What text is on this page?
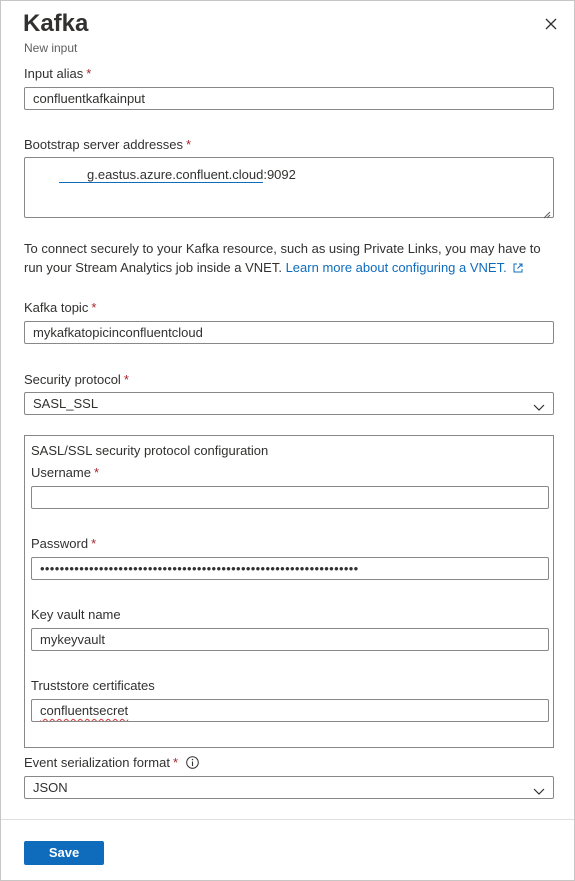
Kafka
New input
Input alias *
confluentkafkainput
Bootstrap server addresses *
g.eastus.azure.confluent.cloud:9092
To connect securely to your Kafka resource, such as using Private Links, you may have to run your Stream Analytics job inside a VNET. Learn more about configuring a VNET.
Kafka topic *
mykafkatopicinconfluentcloud
Security protocol *
SASL_SSL
SASL/SSL security protocol configuration
Username *
Password *
•••••••••••••••••••••••••••••••••••••••••••••••••••••••••••••••••
Key vault name
mykeyvault
Truststore certificates
confluentsecret
Event serialization format *
JSON
Save
